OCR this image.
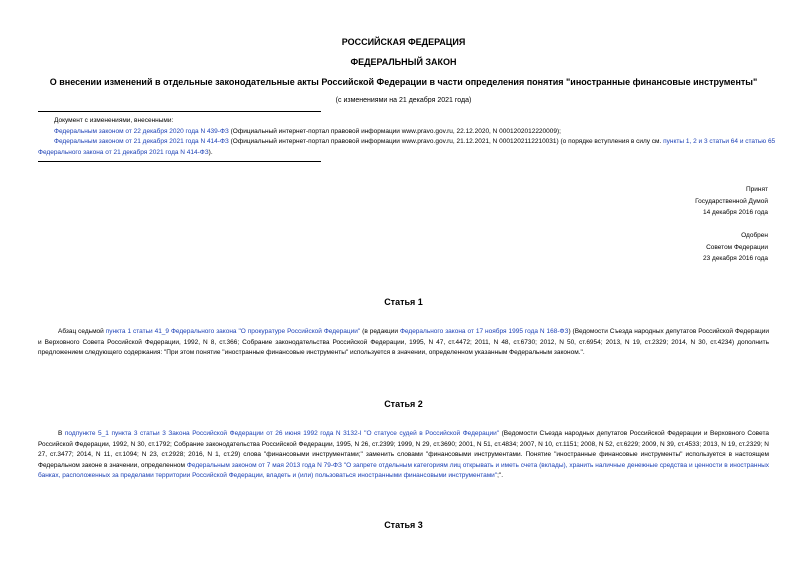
РОССИЙСКАЯ ФЕДЕРАЦИЯ
ФЕДЕРАЛЬНЫЙ ЗАКОН
О внесении изменений в отдельные законодательные акты Российской Федерации в части определения понятия "иностранные финансовые инструменты"
(с изменениями на 21 декабря 2021 года)
Документ с изменениями, внесенными:
Федеральным законом от 22 декабря 2020 года N 439-ФЗ (Официальный интернет-портал правовой информации www.pravo.gov.ru, 22.12.2020, N 0001202012220009);
Федеральным законом от 21 декабря 2021 года N 414-ФЗ (Официальный интернет-портал правовой информации www.pravo.gov.ru, 21.12.2021, N 0001202112210031) (о порядке вступления в силу см. пункты 1, 2 и 3 статьи 64 и статью 65 Федерального закона от 21 декабря 2021 года N 414-ФЗ).
Принят
Государственной Думой
14 декабря 2016 года
Одобрен
Советом Федерации
23 декабря 2016 года
Статья 1
Абзац седьмой пункта 1 статьи 41_9 Федерального закона "О прокуратуре Российской Федерации" (в редакции Федерального закона от 17 ноября 1995 года N 168-ФЗ) (Ведомости Съезда народных депутатов Российской Федерации и Верховного Совета Российской Федерации, 1992, N 8, ст.366; Собрание законодательства Российской Федерации, 1995, N 47, ст.4472; 2011, N 48, ст.6730; 2012, N 50, ст.6954; 2013, N 19, ст.2329; 2014, N 30, ст.4234) дополнить предложением следующего содержания: "При этом понятие "иностранные финансовые инструменты" используется в значении, определенном указанным Федеральным законом.".
Статья 2
В подпункте 5_1 пункта 3 статьи 3 Закона Российской Федерации от 26 июня 1992 года N 3132-I "О статусе судей в Российской Федерации" (Ведомости Съезда народных депутатов Российской Федерации и Верховного Совета Российской Федерации, 1992, N 30, ст.1792; Собрание законодательства Российской Федерации, 1995, N 26, ст.2399; 1999, N 29, ст.3690; 2001, N 51, ст.4834; 2007, N 10, ст.1151; 2008, N 52, ст.6229; 2009, N 39, ст.4533; 2013, N 19, ст.2329; N 27, ст.3477; 2014, N 11, ст.1094; N 23, ст.2928; 2016, N 1, ст.29) слова "финансовыми инструментами;" заменить словами "финансовыми инструментами. Понятие "иностранные финансовые инструменты" используется в настоящем Федеральном законе в значении, определенном Федеральным законом от 7 мая 2013 года N 79-ФЗ "О запрете отдельным категориям лиц открывать и иметь счета (вклады), хранить наличные денежные средства и ценности в иностранных банках, расположенных за пределами территории Российской Федерации, владеть и (или) пользоваться иностранными финансовыми инструментами";".
Статья 3
